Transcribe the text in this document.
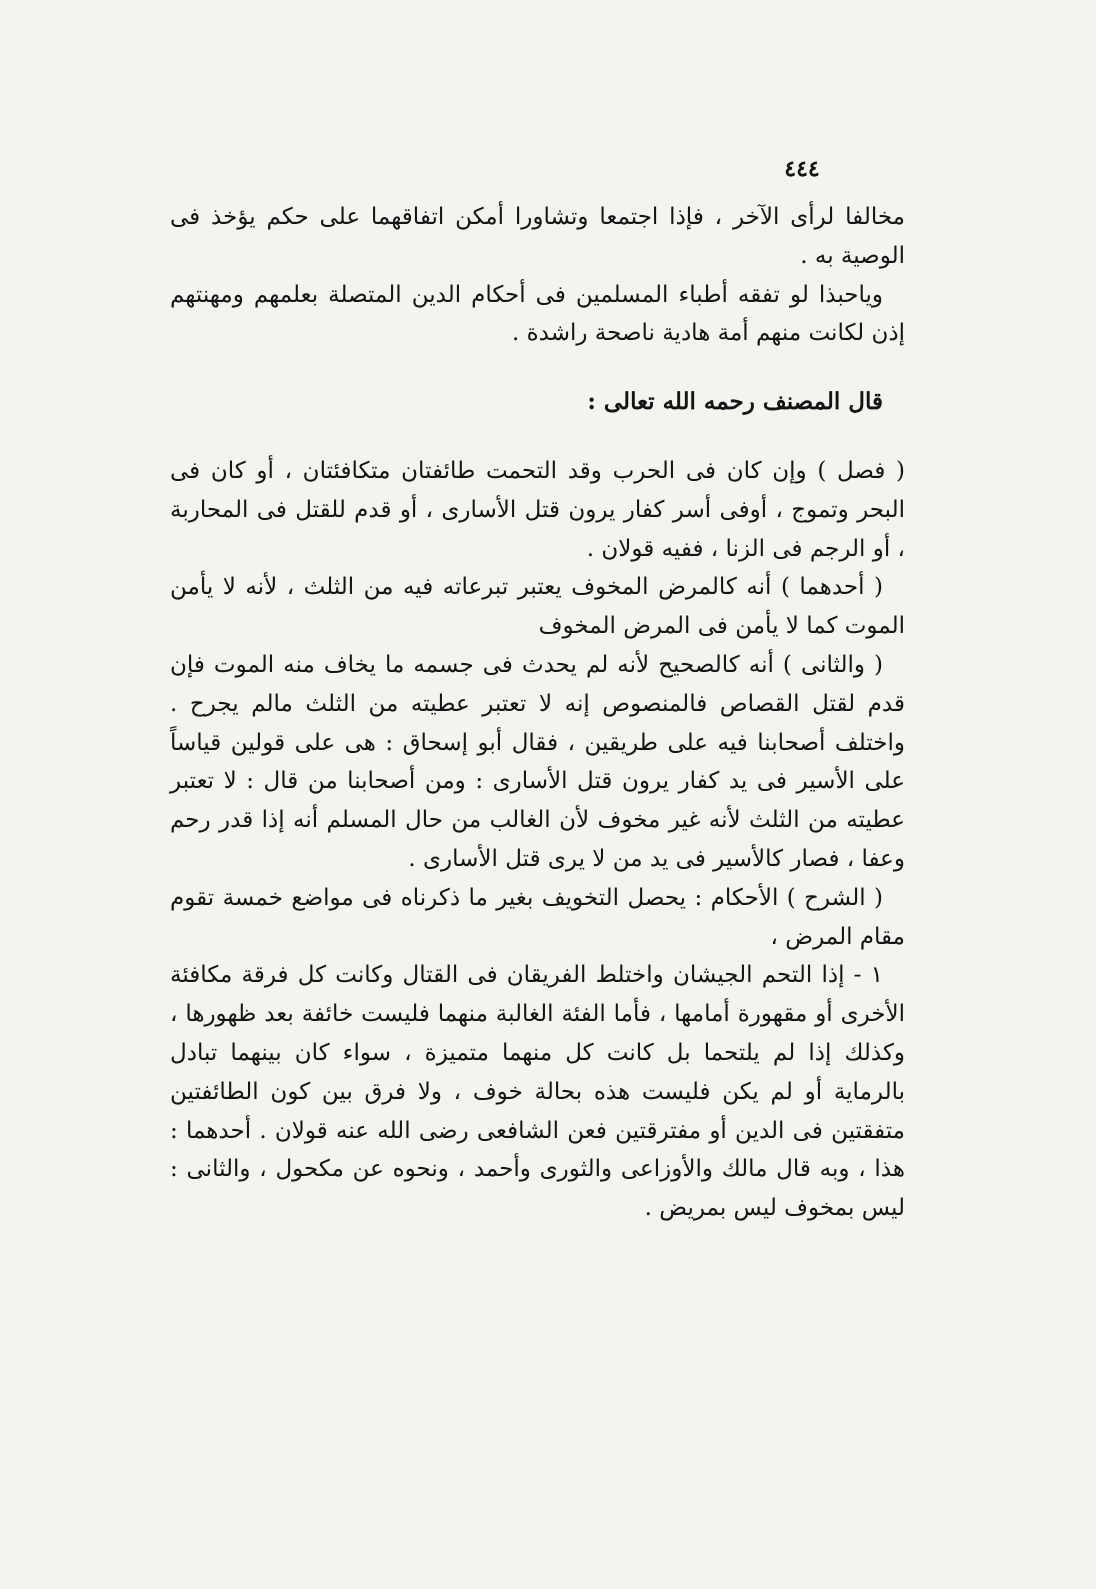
٤٤٤

مخالفا لرأى الآخر ، فإذا اجتمعا وتشاورا أمكن اتفاقهما على حكم يؤخذ فى الوصية به .

وياحبذا لو تفقه أطباء المسلمين فى أحكام الدين المتصلة بعلمهم ومهنتهم إذن لكانت منهم أمة هادية ناصحة راشدة .

قال المصنف رحمه الله تعالى :

( فصل ) وإن كان فى الحرب وقد التحمت طائفتان متكافئتان ، أو كان فى البحر وتموج ، أوفى أسر كفار يرون قتل الأسارى ، أو قدم للقتل فى المحاربة ، أو الرجم فى الزنا ، ففيه قولان .

( أحدهما ) أنه كالمرض المخوف يعتبر تبرعاته فيه من الثلث ، لأنه لا يأمن الموت كما لا يأمن فى المرض المخوف

( والثانى ) أنه كالصحيح لأنه لم يحدث فى جسمه ما يخاف منه الموت فإن قدم لقتل القصاص فالمنصوص إنه لا تعتبر عطيته من الثلث مالم يجرح . واختلف أصحابنا فيه على طريقين ، فقال أبو إسحاق : هى على قولين قياساً على الأسير فى يد كفار يرون قتل الأسارى : ومن أصحابنا من قال : لا تعتبر عطيته من الثلث لأنه غير مخوف لأن الغالب من حال المسلم أنه إذا قدر رحم وعفا ، فصار كالأسير فى يد من لا يرى قتل الأسارى .

( الشرح ) الأحكام : يحصل التخويف بغير ما ذكرناه فى مواضع خمسة تقوم مقام المرض ،

١ - إذا التحم الجيشان واختلط الفريقان فى القتال وكانت كل فرقة مكافئة الأخرى أو مقهورة أمامها ، فأما الفئة الغالبة منهما فليست خائفة بعد ظهورها ، وكذلك إذا لم يلتحما بل كانت كل منهما متميزة ، سواء كان بينهما تبادل بالرماية أو لم يكن فليست هذه بحالة خوف ، ولا فرق بين كون الطائفتين متفقتين فى الدين أو مفترقتين فعن الشافعى رضى الله عنه قولان . أحدهما : هذا ، وبه قال مالك والأوزاعى والثورى وأحمد ، ونحوه عن مكحول ، والثانى : ليس بمخوف ليس بمريض .
